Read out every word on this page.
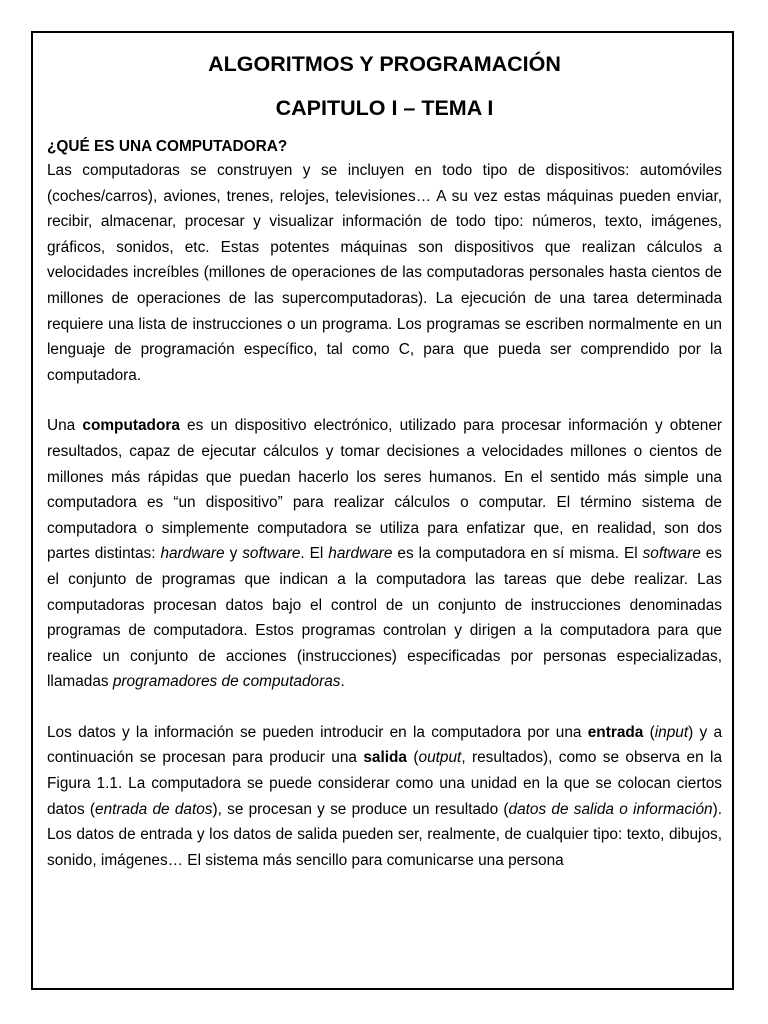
ALGORITMOS Y PROGRAMACIÓN
CAPITULO I – TEMA I
¿QUÉ ES UNA COMPUTADORA?

Las computadoras se construyen y se incluyen en todo tipo de dispositivos: automóviles (coches/carros), aviones, trenes, relojes, televisiones… A su vez estas máquinas pueden enviar, recibir, almacenar, procesar y visualizar información de todo tipo: números, texto, imágenes, gráficos, sonidos, etc. Estas potentes máquinas son dispositivos que realizan cálculos a velocidades increíbles (millones de operaciones de las computadoras personales hasta cientos de millones de operaciones de las supercomputadoras). La ejecución de una tarea determinada requiere una lista de instrucciones o un programa. Los programas se escriben normalmente en un lenguaje de programación específico, tal como C, para que pueda ser comprendido por la computadora.

Una computadora es un dispositivo electrónico, utilizado para procesar información y obtener resultados, capaz de ejecutar cálculos y tomar decisiones a velocidades millones o cientos de millones más rápidas que puedan hacerlo los seres humanos. En el sentido más simple una computadora es “un dispositivo” para realizar cálculos o computar. El término sistema de computadora o simplemente computadora se utiliza para enfatizar que, en realidad, son dos partes distintas: hardware y software. El hardware es la computadora en sí misma. El software es el conjunto de programas que indican a la computadora las tareas que debe realizar. Las computadoras procesan datos bajo el control de un conjunto de instrucciones denominadas programas de computadora. Estos programas controlan y dirigen a la computadora para que realice un conjunto de acciones (instrucciones) especificadas por personas especializadas, llamadas programadores de computadoras.

Los datos y la información se pueden introducir en la computadora por una entrada (input) y a continuación se procesan para producir una salida (output, resultados), como se observa en la Figura 1.1. La computadora se puede considerar como una unidad en la que se colocan ciertos datos (entrada de datos), se procesan y se produce un resultado (datos de salida o información). Los datos de entrada y los datos de salida pueden ser, realmente, de cualquier tipo: texto, dibujos, sonido, imágenes… El sistema más sencillo para comunicarse una persona
